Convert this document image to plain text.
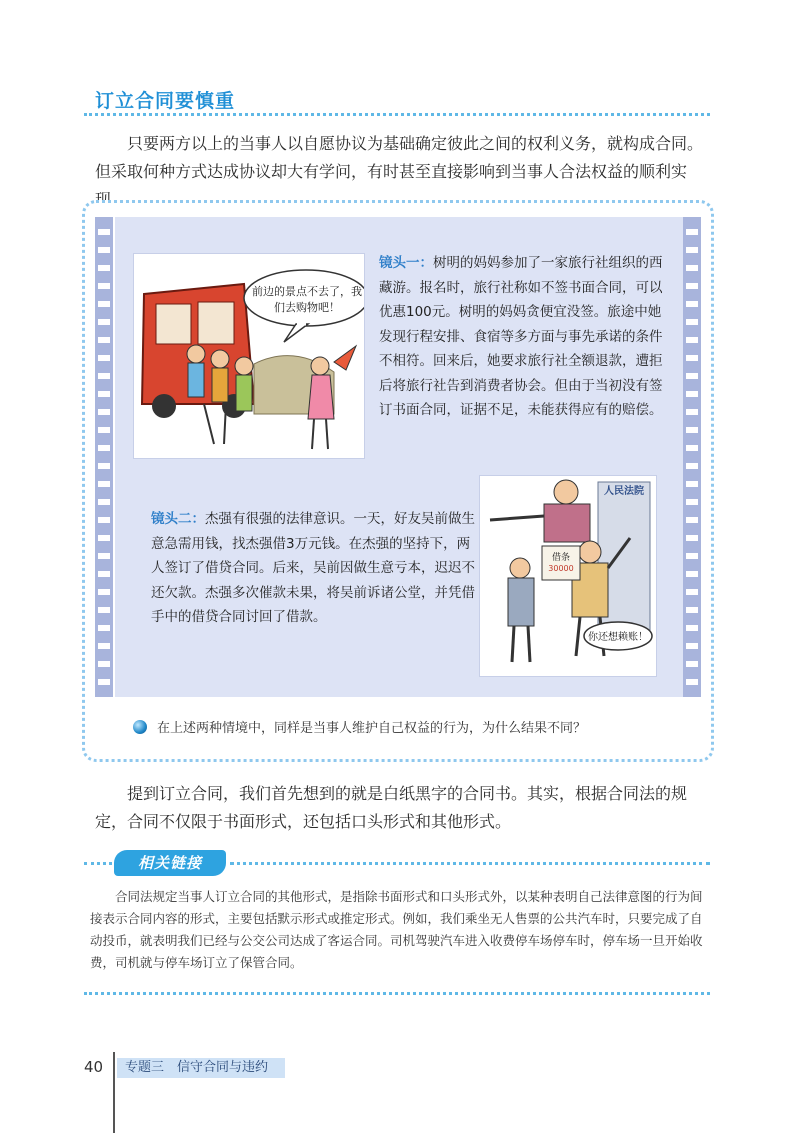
订立合同要慎重

只要两方以上的当事人以自愿协议为基础确定彼此之间的权利义务，就构成合同。但采取何种方式达成协议却大有学问，有时甚至直接影响到当事人合法权益的顺利实

前边的景点不去了，我们去购物吧！

镜头一：树明的妈妈参加了一家旅行社组织的西藏游。报名时，旅行社称如不签书面合同，可以优惠100元。树明的妈妈贪便宜没签。旅途中她发现行程安排、食宿等多方面与事先承诺的条件不相符。回来后，她要求旅行社全额退款，遭拒后将旅行社告到消费者协会。但由于当初没有签订书面合同，证据不足，未能获得应有的赔偿。

镜头二：杰强有很强的法律意识。一天，好友吴前做生意急需用钱，找杰强借3万元钱。在杰强的坚持下，两人签订了借贷合同。后来，吴前因做生意亏本，迟迟不还欠款。杰强多次催款未果，将吴前诉诸公堂，并凭借手中的借贷合同讨回了借款。

人民法院
借条
30000
你还想赖账！
在上述两种情境中，同样是当事人维护自己权益的行为，为什么结果不同？

提到订立合同，我们首先想到的就是白纸黑字的合同书。其实，根据合同法的规定，合同不仅限于书面形式，还包括口头形式和其他形式。

相关链接

合同法规定当事人订立合同的其他形式，是指除书面形式和口头形式外，以某种表明自己法律意图的行为间接表示合同内容的形式，主要包括默示形式或推定形式。例如，我们乘坐无人售票的公共汽车时，只要完成了自动投币，就表明我们已经与公交公司达成了客运合同。司机驾驶汽车进入收费停车场停车时，停车场一旦开始收费，司机就与停车场订立了保管合同。

40	专题三　信守合同与违约
